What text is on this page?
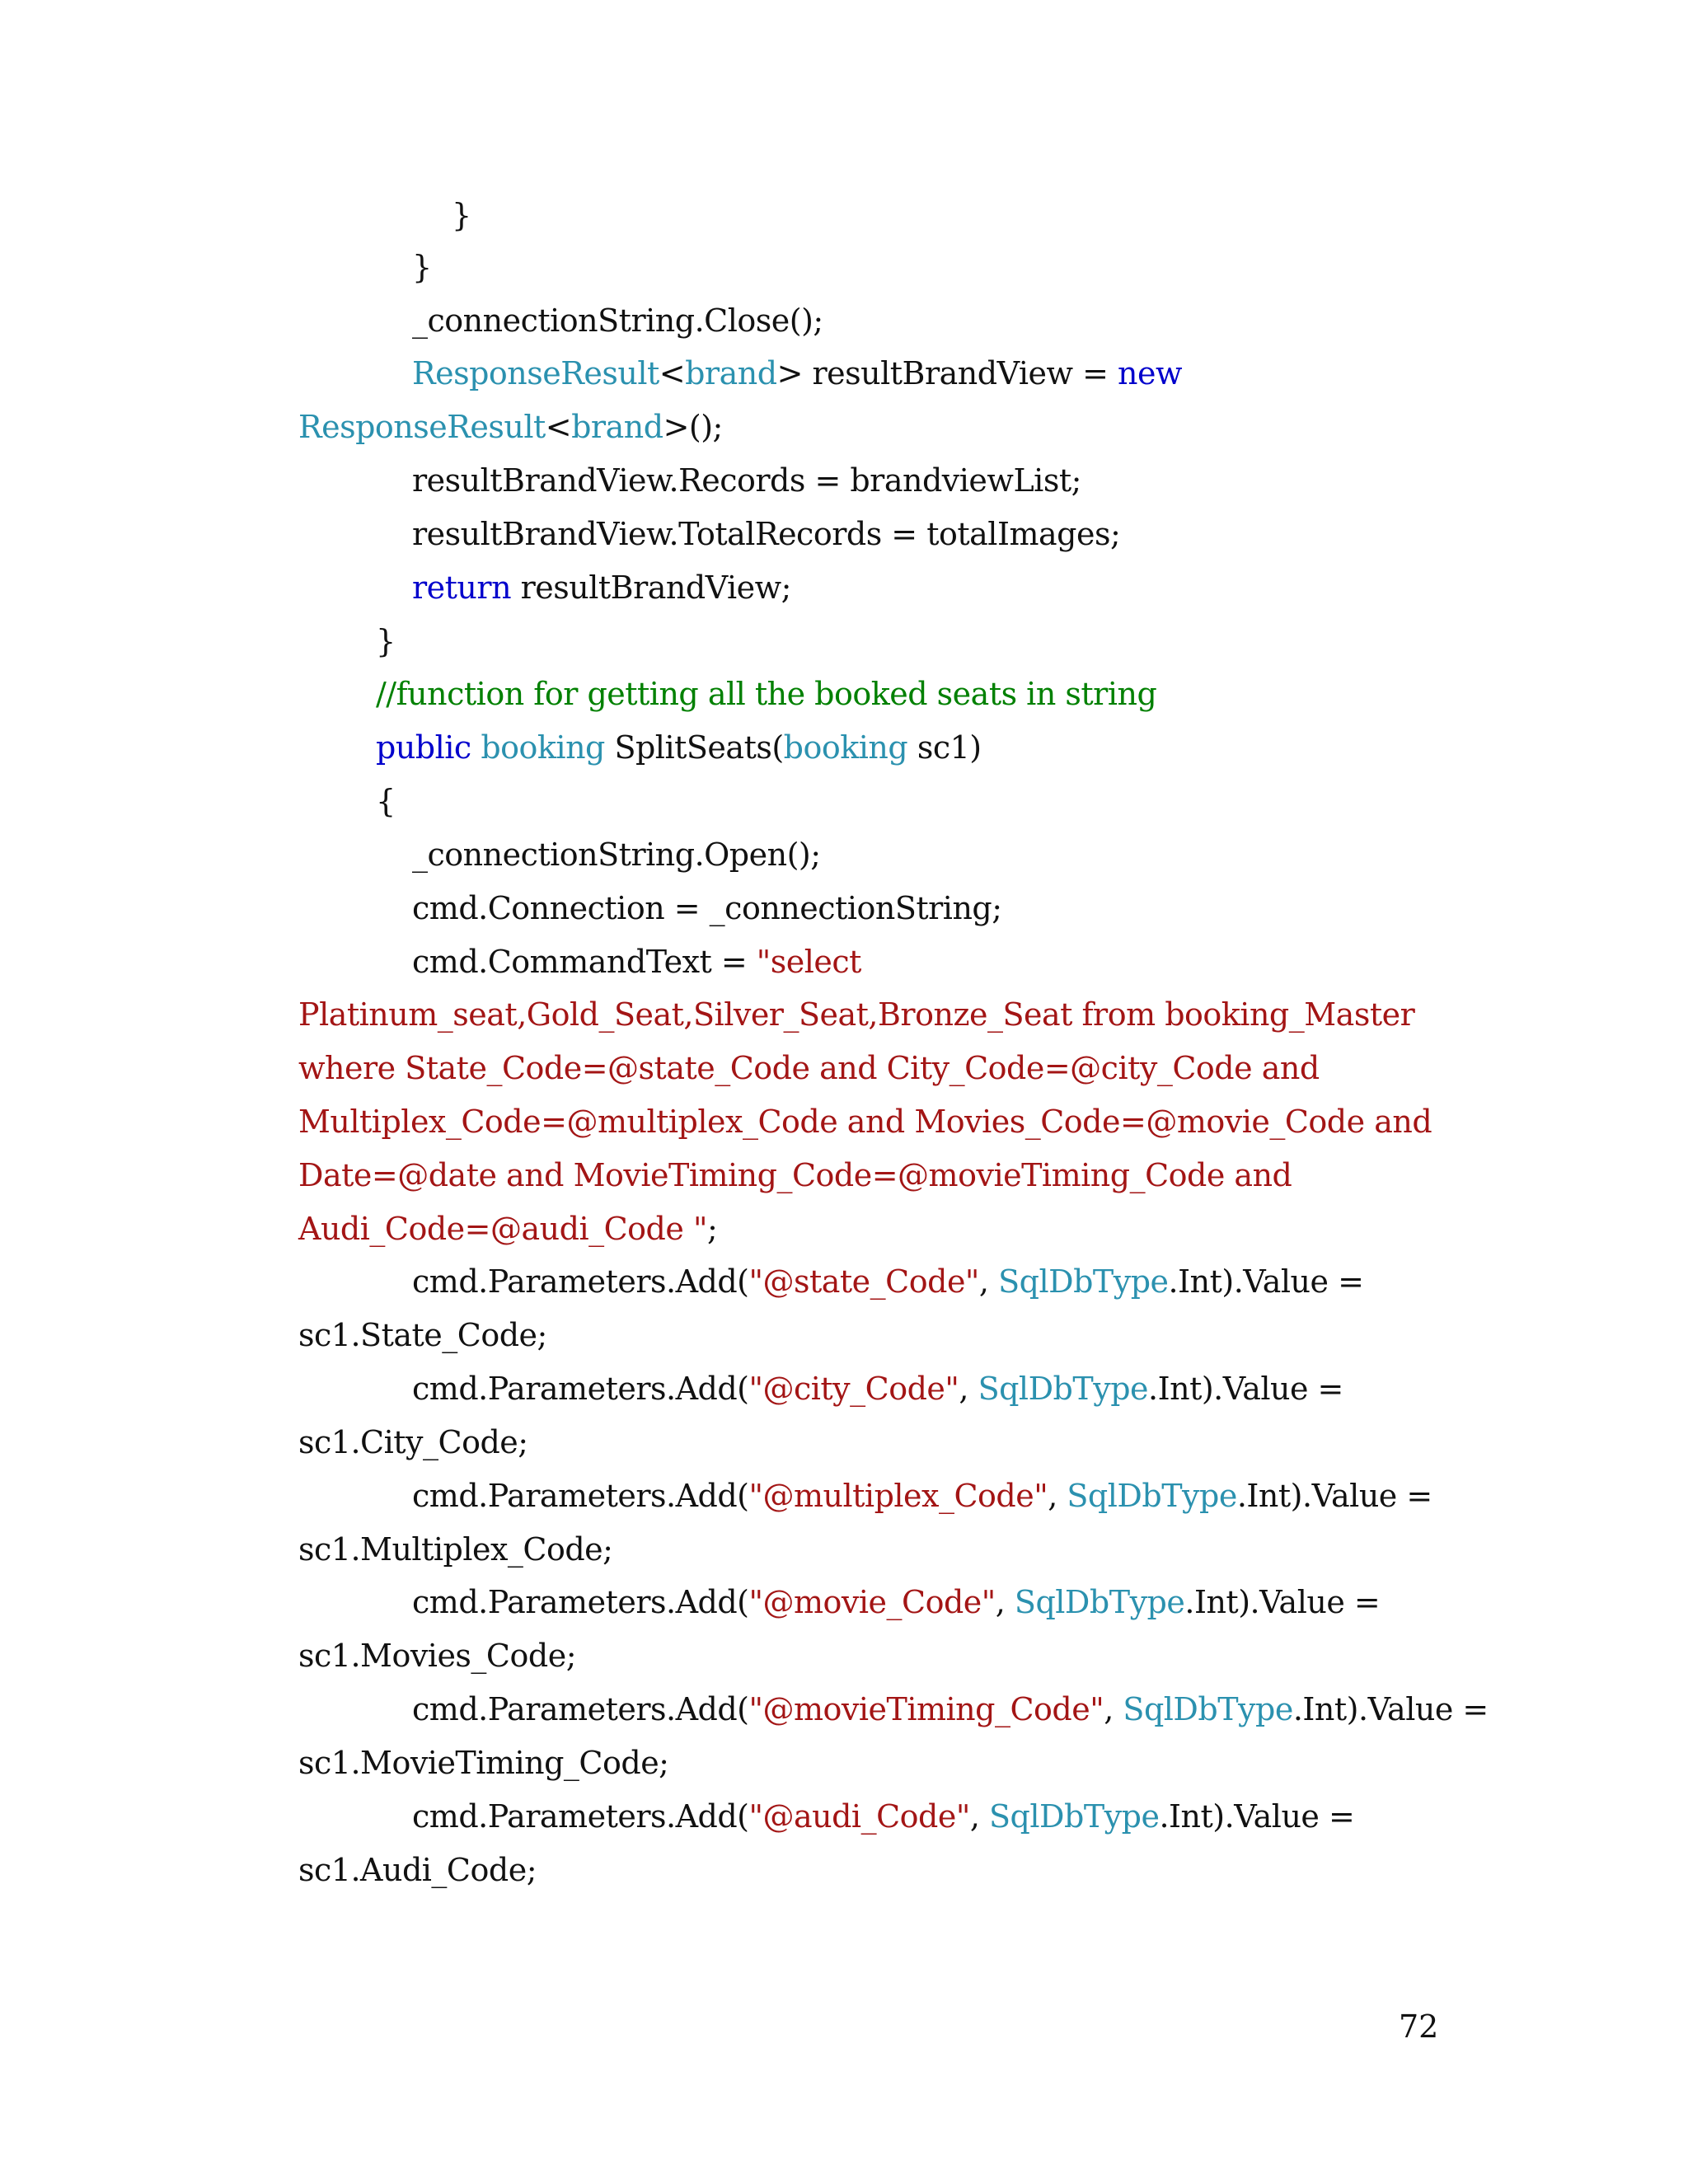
}
}
_connectionString.Close();
ResponseResult<brand> resultBrandView = new
ResponseResult<brand>();
resultBrandView.Records = brandviewList;
resultBrandView.TotalRecords = totalImages;
return resultBrandView;
}
//function for getting all the booked seats in string
public booking SplitSeats(booking sc1)
{
_connectionString.Open();
cmd.Connection = _connectionString;
cmd.CommandText = "select
Platinum_seat,Gold_Seat,Silver_Seat,Bronze_Seat from booking_Master
where State_Code=@state_Code and City_Code=@city_Code and
Multiplex_Code=@multiplex_Code and Movies_Code=@movie_Code and
Date=@date and MovieTiming_Code=@movieTiming_Code and
Audi_Code=@audi_Code ";
cmd.Parameters.Add("@state_Code", SqlDbType.Int).Value =
sc1.State_Code;
cmd.Parameters.Add("@city_Code", SqlDbType.Int).Value =
sc1.City_Code;
cmd.Parameters.Add("@multiplex_Code", SqlDbType.Int).Value =
sc1.Multiplex_Code;
cmd.Parameters.Add("@movie_Code", SqlDbType.Int).Value =
sc1.Movies_Code;
cmd.Parameters.Add("@movieTiming_Code", SqlDbType.Int).Value =
sc1.MovieTiming_Code;
cmd.Parameters.Add("@audi_Code", SqlDbType.Int).Value =
sc1.Audi_Code;
72
